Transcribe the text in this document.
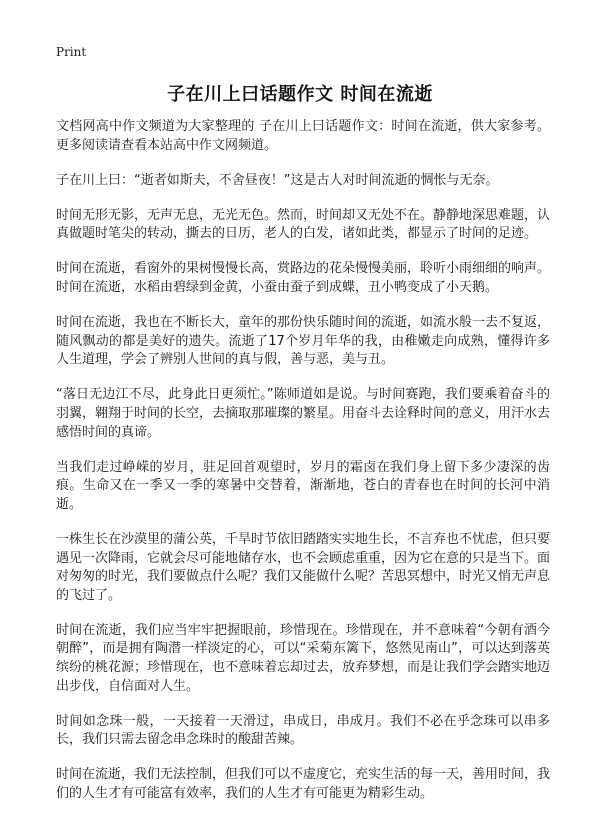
Print
子在川上曰话题作文 时间在流逝

文档网高中作文频道为大家整理的 子在川上曰话题作文：时间在流逝，供大家参考。更多阅读请查看本站高中作文网频道。

子在川上曰：“逝者如斯夫，不舍昼夜！”这是古人对时间流逝的惆怅与无奈。

时间无形无影，无声无息，无光无色。然而，时间却又无处不在。静静地深思难题，认真做题时笔尖的转动，撕去的日历，老人的白发，诸如此类，都显示了时间的足迹。

时间在流逝，看窗外的果树慢慢长高，赏路边的花朵慢慢美丽，聆听小雨细细的响声。时间在流逝，水稻由碧绿到金黄，小蚕由蚕子到成蝶，丑小鸭变成了小天鹅。

时间在流逝，我也在不断长大，童年的那份快乐随时间的流逝，如流水般一去不复返，随风飘动的都是美好的遗失。流逝了17个岁月年华的我，由稚嫩走向成熟，懂得许多人生道理，学会了辨别人世间的真与假，善与恶，美与丑。

“落日无边江不尽，此身此日更须忙。”陈师道如是说。与时间赛跑，我们要乘着奋斗的羽翼，翱翔于时间的长空，去摘取那璀璨的繁星。用奋斗去诠释时间的意义，用汗水去感悟时间的真谛。

当我们走过峥嵘的岁月，驻足回首观望时，岁月的霜卤在我们身上留下多少凄深的齿痕。生命又在一季又一季的寒暑中交替着，渐渐地，苍白的青春也在时间的长河中消逝。

一株生长在沙漠里的蒲公英，千旱时节依旧踏踏实实地生长，不言弃也不忧虑，但只要遇见一次降雨，它就会尽可能地储存水，也不会顾虑重重，因为它在意的只是当下。面对匆匆的时光，我们要做点什么呢？我们又能做什么呢？苦思冥想中，时光又悄无声息的飞过了。

时间在流逝，我们应当牢牢把握眼前，珍惜现在。珍惜现在，并不意味着“今朝有酒今朝醉”，而是拥有陶潜一样淡定的心，可以“采菊东篱下，悠然见南山”，可以达到落英缤纷的桃花源；珍惜现在，也不意味着忘却过去，放弃梦想，而是让我们学会踏实地迈出步伐，自信面对人生。

时间如念珠一般，一天接着一天滑过，串成日，串成月。我们不必在乎念珠可以串多长，我们只需去留念串念珠时的酸甜苦辣。

时间在流逝，我们无法控制，但我们可以不虚度它，充实生活的每一天，善用时间，我们的人生才有可能富有效率，我们的人生才有可能更为精彩生动。
